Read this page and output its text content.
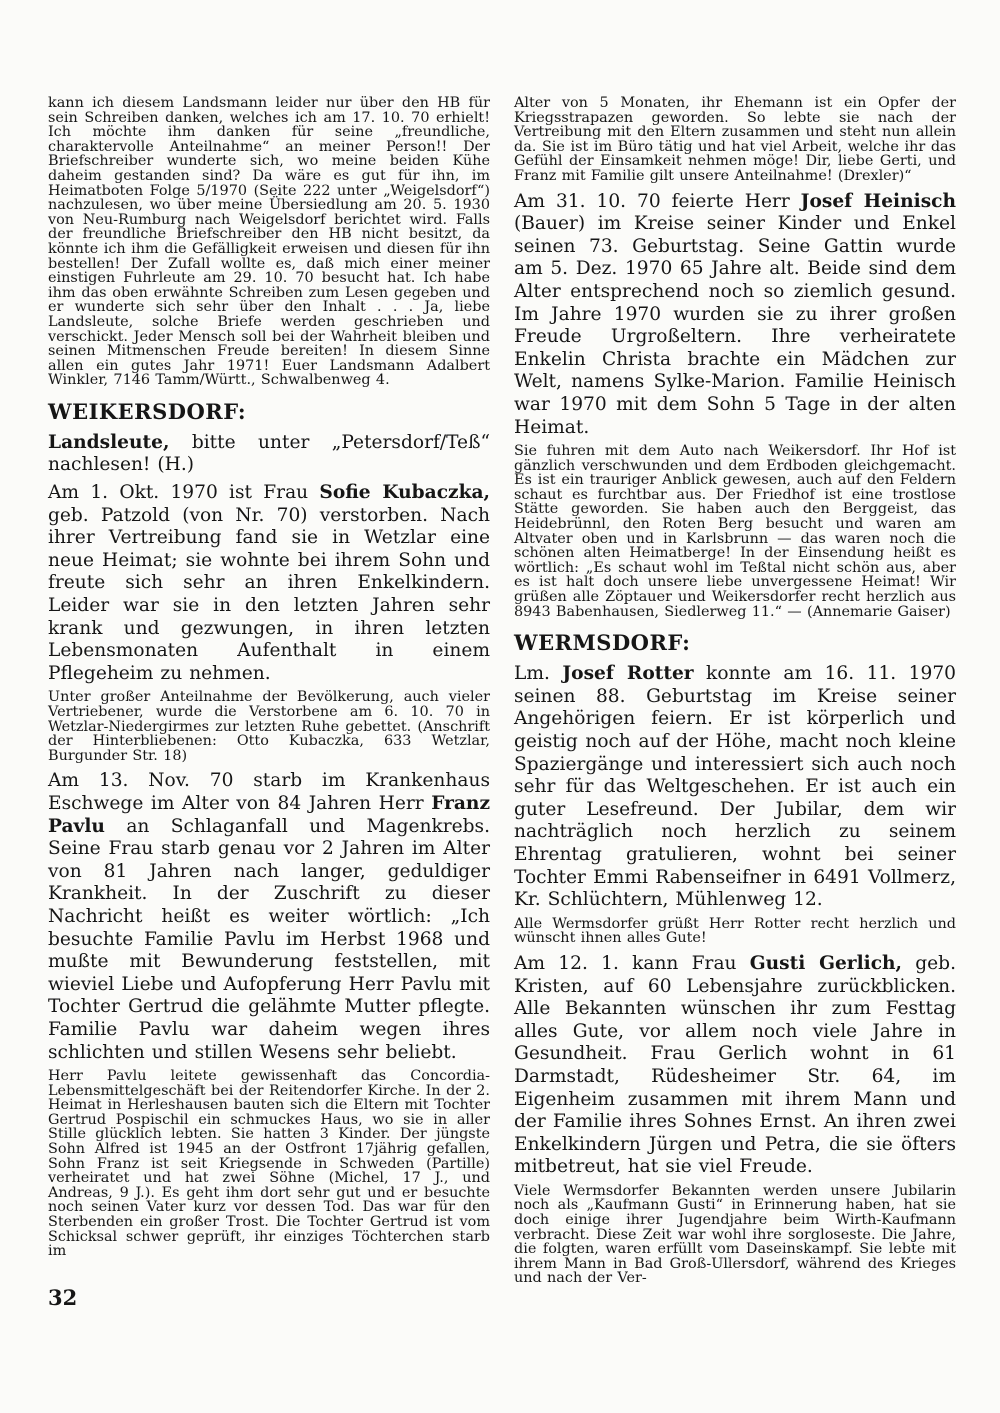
kann ich diesem Landsmann leider nur über den HB für sein Schreiben danken, welches ich am 17. 10. 70 erhielt! Ich möchte ihm danken für seine „freundliche, charaktervolle Anteilnahme“ an meiner Person!! Der Briefschreiber wunderte sich, wo meine beiden Kühe daheim gestanden sind? Da wäre es gut für ihn, im Heimatboten Folge 5/1970 (Seite 222 unter „Weigelsdorf“) nachzulesen, wo über meine Übersiedlung am 20. 5. 1930 von Neu-Rumburg nach Weigelsdorf berichtet wird. Falls der freundliche Briefschreiber den HB nicht besitzt, da könnte ich ihm die Gefälligkeit erweisen und diesen für ihn bestellen! Der Zufall wollte es, daß mich einer meiner einstigen Fuhrleute am 29. 10. 70 besucht hat. Ich habe ihm das oben erwähnte Schreiben zum Lesen gegeben und er wunderte sich sehr über den Inhalt . . . Ja, liebe Landsleute, solche Briefe werden geschrieben und verschickt. Jeder Mensch soll bei der Wahrheit bleiben und seinen Mitmenschen Freude bereiten! In diesem Sinne allen ein gutes Jahr 1971! Euer Landsmann Adalbert Winkler, 7146 Tamm/Württ., Schwalbenweg 4.

WEIKERSDORF:

Landsleute, bitte unter „Petersdorf/Teß“ nachlesen! (H.)

Am 1. Okt. 1970 ist Frau Sofie Kubaczka, geb. Patzold (von Nr. 70) verstorben. Nach ihrer Vertreibung fand sie in Wetzlar eine neue Heimat; sie wohnte bei ihrem Sohn und freute sich sehr an ihren Enkelkindern. Leider war sie in den letzten Jahren sehr krank und gezwungen, in ihren letzten Lebensmonaten Aufenthalt in einem Pflegeheim zu nehmen.

Unter großer Anteilnahme der Bevölkerung, auch vieler Vertriebener, wurde die Verstorbene am 6. 10. 70 in Wetzlar-Niedergirmes zur letzten Ruhe gebettet. (Anschrift der Hinterbliebenen: Otto Kubaczka, 633 Wetzlar, Burgunder Str. 18)

Am 13. Nov. 70 starb im Krankenhaus Eschwege im Alter von 84 Jahren Herr Franz Pavlu an Schlaganfall und Magenkrebs. Seine Frau starb genau vor 2 Jahren im Alter von 81 Jahren nach langer, geduldiger Krankheit. In der Zuschrift zu dieser Nachricht heißt es weiter wörtlich: „Ich besuchte Familie Pavlu im Herbst 1968 und mußte mit Bewunderung feststellen, mit wieviel Liebe und Aufopferung Herr Pavlu mit Tochter Gertrud die gelähmte Mutter pflegte. Familie Pavlu war daheim wegen ihres schlichten und stillen Wesens sehr beliebt.

Herr Pavlu leitete gewissenhaft das Concordia-Lebensmittelgeschäft bei der Reitendorfer Kirche. In der 2. Heimat in Herleshausen bauten sich die Eltern mit Tochter Gertrud Pospischil ein schmuckes Haus, wo sie in aller Stille glücklich lebten. Sie hatten 3 Kinder. Der jüngste Sohn Alfred ist 1945 an der Ostfront 17jährig gefallen, Sohn Franz ist seit Kriegsende in Schweden (Partille) verheiratet und hat zwei Söhne (Michel, 17 J., und Andreas, 9 J.). Es geht ihm dort sehr gut und er besuchte noch seinen Vater kurz vor dessen Tod. Das war für den Sterbenden ein großer Trost. Die Tochter Gertrud ist vom Schicksal schwer geprüft, ihr einziges Töchterchen starb im

Alter von 5 Monaten, ihr Ehemann ist ein Opfer der Kriegsstrapazen geworden. So lebte sie nach der Vertreibung mit den Eltern zusammen und steht nun allein da. Sie ist im Büro tätig und hat viel Arbeit, welche ihr das Gefühl der Einsamkeit nehmen möge! Dir, liebe Gerti, und Franz mit Familie gilt unsere Anteilnahme! (Drexler)“

Am 31. 10. 70 feierte Herr Josef Heinisch (Bauer) im Kreise seiner Kinder und Enkel seinen 73. Geburtstag. Seine Gattin wurde am 5. Dez. 1970 65 Jahre alt. Beide sind dem Alter entsprechend noch so ziemlich gesund. Im Jahre 1970 wurden sie zu ihrer großen Freude Urgroßeltern. Ihre verheiratete Enkelin Christa brachte ein Mädchen zur Welt, namens Sylke-Marion. Familie Heinisch war 1970 mit dem Sohn 5 Tage in der alten Heimat.

Sie fuhren mit dem Auto nach Weikersdorf. Ihr Hof ist gänzlich verschwunden und dem Erdboden gleichgemacht. Es ist ein trauriger Anblick gewesen, auch auf den Feldern schaut es furchtbar aus. Der Friedhof ist eine trostlose Stätte geworden. Sie haben auch den Berggeist, das Heidebrünnl, den Roten Berg besucht und waren am Altvater oben und in Karlsbrunn — das waren noch die schönen alten Heimatberge! In der Einsendung heißt es wörtlich: „Es schaut wohl im Teßtal nicht schön aus, aber es ist halt doch unsere liebe unvergessene Heimat! Wir grüßen alle Zöptauer und Weikersdorfer recht herzlich aus 8943 Babenhausen, Siedlerweg 11.“ — (Annemarie Gaiser)

WERMSDORF:

Lm. Josef Rotter konnte am 16. 11. 1970 seinen 88. Geburtstag im Kreise seiner Angehörigen feiern. Er ist körperlich und geistig noch auf der Höhe, macht noch kleine Spaziergänge und interessiert sich auch noch sehr für das Weltgeschehen. Er ist auch ein guter Lesefreund. Der Jubilar, dem wir nachträglich noch herzlich zu seinem Ehrentag gratulieren, wohnt bei seiner Tochter Emmi Rabenseifner in 6491 Vollmerz, Kr. Schlüchtern, Mühlenweg 12.

Alle Wermsdorfer grüßt Herr Rotter recht herzlich und wünscht ihnen alles Gute!

Am 12. 1. kann Frau Gusti Gerlich, geb. Kristen, auf 60 Lebensjahre zurückblicken. Alle Bekannten wünschen ihr zum Festtag alles Gute, vor allem noch viele Jahre in Gesundheit. Frau Gerlich wohnt in 61 Darmstadt, Rüdesheimer Str. 64, im Eigenheim zusammen mit ihrem Mann und der Familie ihres Sohnes Ernst. An ihren zwei Enkelkindern Jürgen und Petra, die sie öfters mitbetreut, hat sie viel Freude.

Viele Wermsdorfer Bekannten werden unsere Jubilarin noch als „Kaufmann Gusti“ in Erinnerung haben, hat sie doch einige ihrer Jugendjahre beim Wirth-Kaufmann verbracht. Diese Zeit war wohl ihre sorgloseste. Die Jahre, die folgten, waren erfüllt vom Daseinskampf. Sie lebte mit ihrem Mann in Bad Groß-Ullersdorf, während des Krieges und nach der Ver-

32
